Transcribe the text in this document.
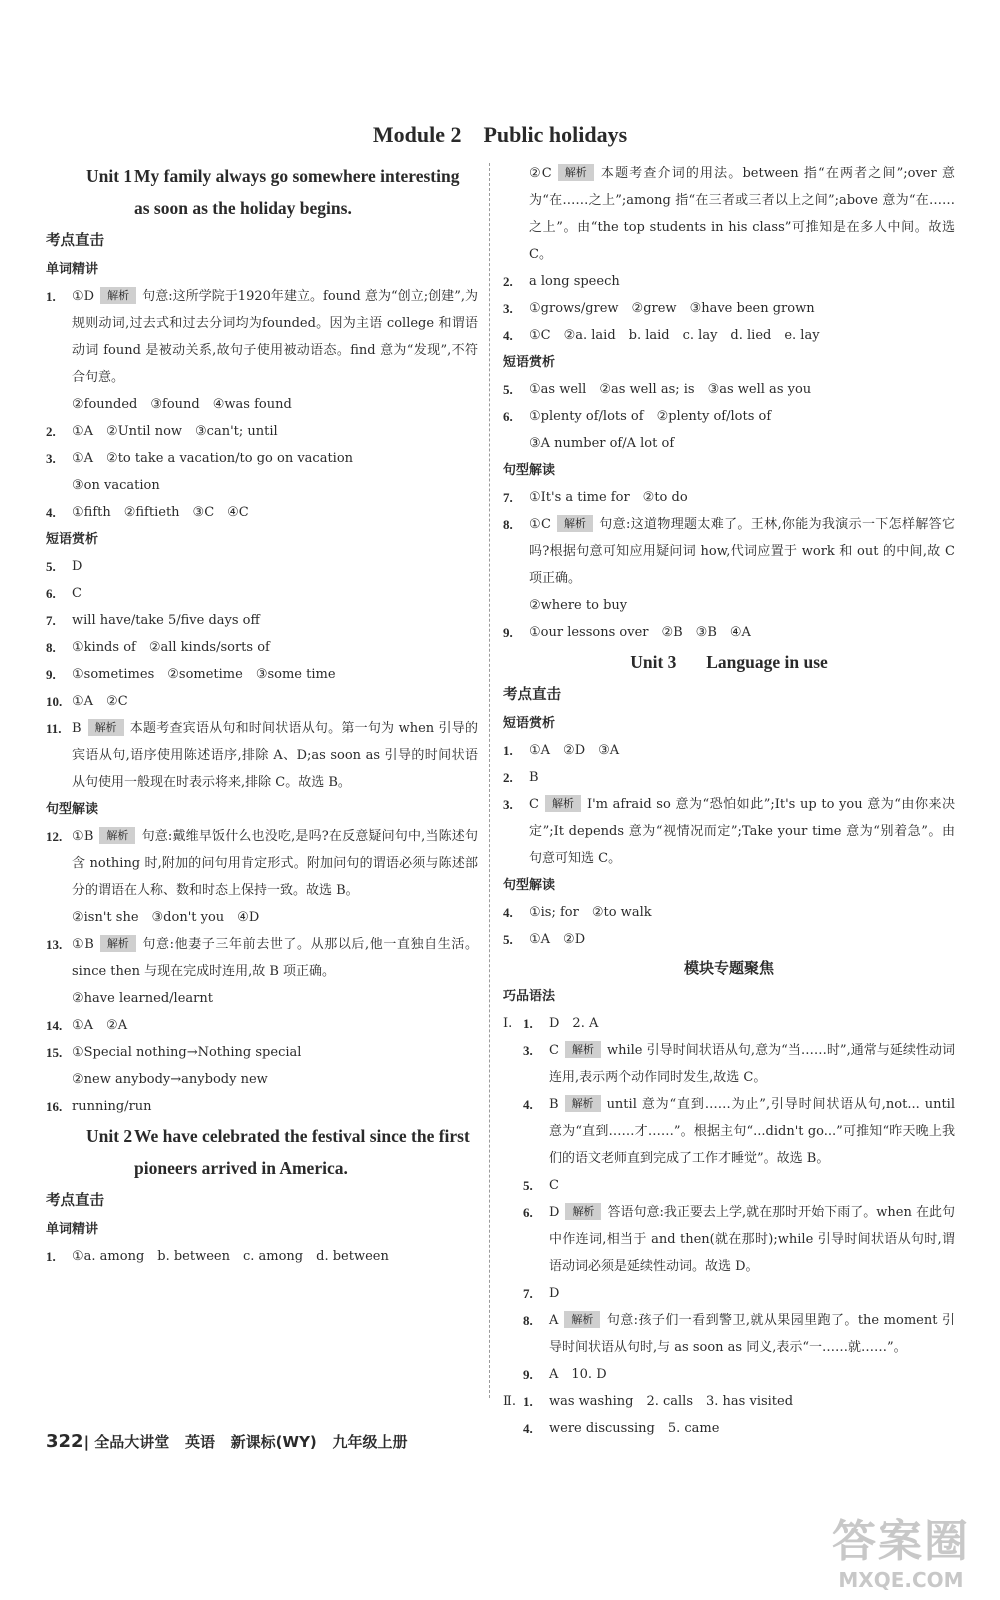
Module 2　Public holidays
Unit 1 My family always go somewhere interesting as soon as the holiday begins.
考点直击
单词精讲
1.	①D 解析 句意:这所学院于1920年建立。found 意为“创立;创建”,为规则动词,过去式和过去分词均为founded。因为主语 college 和谓语动词 found 是被动关系,故句子使用被动语态。find 意为“发现”,不符合句意。
②founded　③found　④was found
2.	①A　②Until now　③can't; until
3.	①A　②to take a vacation/to go on vacation
③on vacation
4.	①fifth　②fiftieth　③C　④C
短语赏析
5.	D
6.	C
7.	will have/take 5/five days off
8.	①kinds of　②all kinds/sorts of
9.	①sometimes　②sometime　③some time
10. ①A　②C
11. B 解析 本题考查宾语从句和时间状语从句。第一句为 when 引导的宾语从句,语序使用陈述语序,排除 A、D;as soon as 引导的时间状语从句使用一般现在时表示将来,排除 C。故选 B。
句型解读
12. ①B 解析 句意:戴维早饭什么也没吃,是吗?在反意疑问句中,当陈述句含 nothing 时,附加的问句用肯定形式。附加问句的谓语必须与陈述部分的谓语在人称、数和时态上保持一致。故选 B。
②isn't she　③don't you　④D
13. ①B 解析 句意:他妻子三年前去世了。从那以后,他一直独自生活。since then 与现在完成时连用,故 B 项正确。
②have learned/learnt
14. ①A　②A
15. ①Special nothing→Nothing special
②new anybody→anybody new
16. running/run
Unit 2 We have celebrated the festival since the first pioneers arrived in America.
考点直击
单词精讲
1.	①a. among　b. between　c. among　d. between
②C 解析 本题考查介词的用法。between 指“在两者之间”;over 意为“在……之上”;among 指“在三者或三者以上之间”;above 意为“在……之上”。由“the top students in his class”可推知是在多人中间。故选 C。
2.	a long speech
3.	①grows/grew　②grew　③have been grown
4.	①C　②a. laid　b. laid　c. lay　d. lied　e. lay
短语赏析
5.	①as well　②as well as; is　③as well as you
6.	①plenty of/lots of　②plenty of/lots of
③A number of/A lot of
句型解读
7.	①It's a time for　②to do
8.	①C 解析 句意:这道物理题太难了。王林,你能为我演示一下怎样解答它吗?根据句意可知应用疑问词 how,代词应置于 work 和 out 的中间,故 C 项正确。
②where to buy
9.	①our lessons over　②B　③B　④A
Unit 3	Language in use
考点直击
短语赏析
1.	①A　②D　③A
2.	B
3.	C 解析 I'm afraid so 意为“恐怕如此”;It's up to you 意为“由你来决定”;It depends 意为“视情况而定”;Take your time 意为“别着急”。由句意可知选 C。
句型解读
4.	①is; for　②to walk
5.	①A　②D
模块专题聚焦
巧品语法
Ⅰ. 1.	D　2. A
3.	C 解析 while 引导时间状语从句,意为“当……时”,通常与延续性动词连用,表示两个动作同时发生,故选 C。
4.	B 解析 until 意为“直到……为止”,引导时间状语从句,not... until 意为“直到……才……”。根据主句“...didn't go...”可推知“昨天晚上我们的语文老师直到完成了工作才睡觉”。故选 B。
5.	C
6.	D 解析 答语句意:我正要去上学,就在那时开始下雨了。when 在此句中作连词,相当于 and then(就在那时);while 引导时间状语从句时,谓语动词必须是延续性动词。故选 D。
7.	D
8.	A 解析 句意:孩子们一看到警卫,就从果园里跑了。the moment 引导时间状语从句时,与 as soon as 同义,表示“一……就……”。
9.	A　10. D
Ⅱ. 1.	was washing　2. calls　3. has visited
4.	were discussing　5. came
322| 全品大讲堂 英语 新课标(WY) 九年级上册
答案圈
MXQE.COM
